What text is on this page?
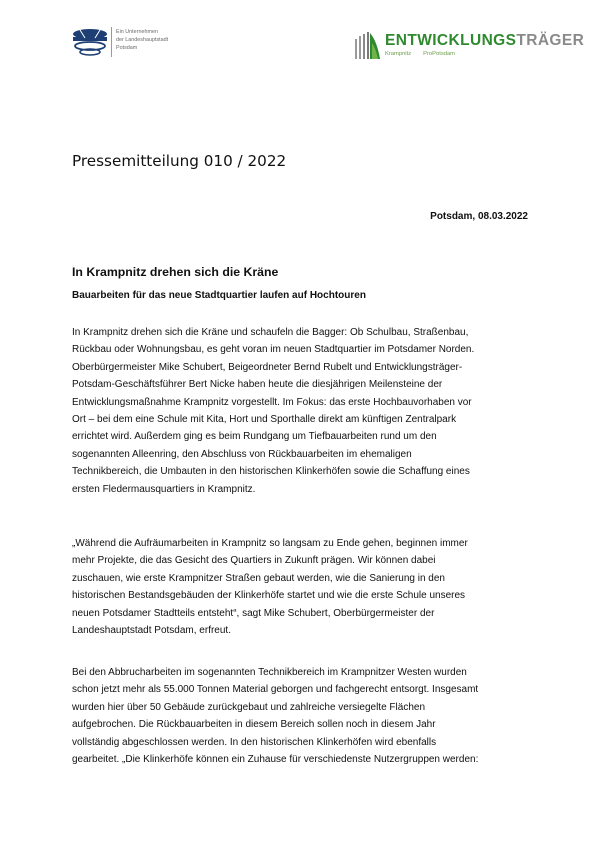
Ein Unternehmen
der Landeshauptstadt
Potsdam	ENTWICKLUNGSTRÄGER
Krampnitz ProPotsdam
Pressemitteilung 010 / 2022
Potsdam, 08.03.2022
In Krampnitz drehen sich die Kräne
Bauarbeiten für das neue Stadtquartier laufen auf Hochtouren
In Krampnitz drehen sich die Kräne und schaufeln die Bagger: Ob Schulbau, Straßenbau,
Rückbau oder Wohnungsbau, es geht voran im neuen Stadtquartier im Potsdamer Norden.
Oberbürgermeister Mike Schubert, Beigeordneter Bernd Rubelt und Entwicklungsträger-
Potsdam-Geschäftsführer Bert Nicke haben heute die diesjährigen Meilensteine der
Entwicklungsmaßnahme Krampnitz vorgestellt. Im Fokus: das erste Hochbauvorhaben vor
Ort – bei dem eine Schule mit Kita, Hort und Sporthalle direkt am künftigen Zentralpark
errichtet wird. Außerdem ging es beim Rundgang um Tiefbauarbeiten rund um den
sogenannten Alleenring, den Abschluss von Rückbauarbeiten im ehemaligen
Technikbereich, die Umbauten in den historischen Klinkerhöfen sowie die Schaffung eines
ersten Fledermausquartiers in Krampnitz.
„Während die Aufräumarbeiten in Krampnitz so langsam zu Ende gehen, beginnen immer
mehr Projekte, die das Gesicht des Quartiers in Zukunft prägen. Wir können dabei
zuschauen, wie erste Krampnitzer Straßen gebaut werden, wie die Sanierung in den
historischen Bestandsgebäuden der Klinkerhöfe startet und wie die erste Schule unseres
neuen Potsdamer Stadtteils entsteht“, sagt Mike Schubert, Oberbürgermeister der
Landeshauptstadt Potsdam, erfreut.
Bei den Abbrucharbeiten im sogenannten Technikbereich im Krampnitzer Westen wurden
schon jetzt mehr als 55.000 Tonnen Material geborgen und fachgerecht entsorgt. Insgesamt
wurden hier über 50 Gebäude zurückgebaut und zahlreiche versiegelte Flächen
aufgebrochen. Die Rückbauarbeiten in diesem Bereich sollen noch in diesem Jahr
vollständig abgeschlossen werden. In den historischen Klinkerhöfen wird ebenfalls
gearbeitet. „Die Klinkerhöfe können ein Zuhause für verschiedenste Nutzergruppen werden:
